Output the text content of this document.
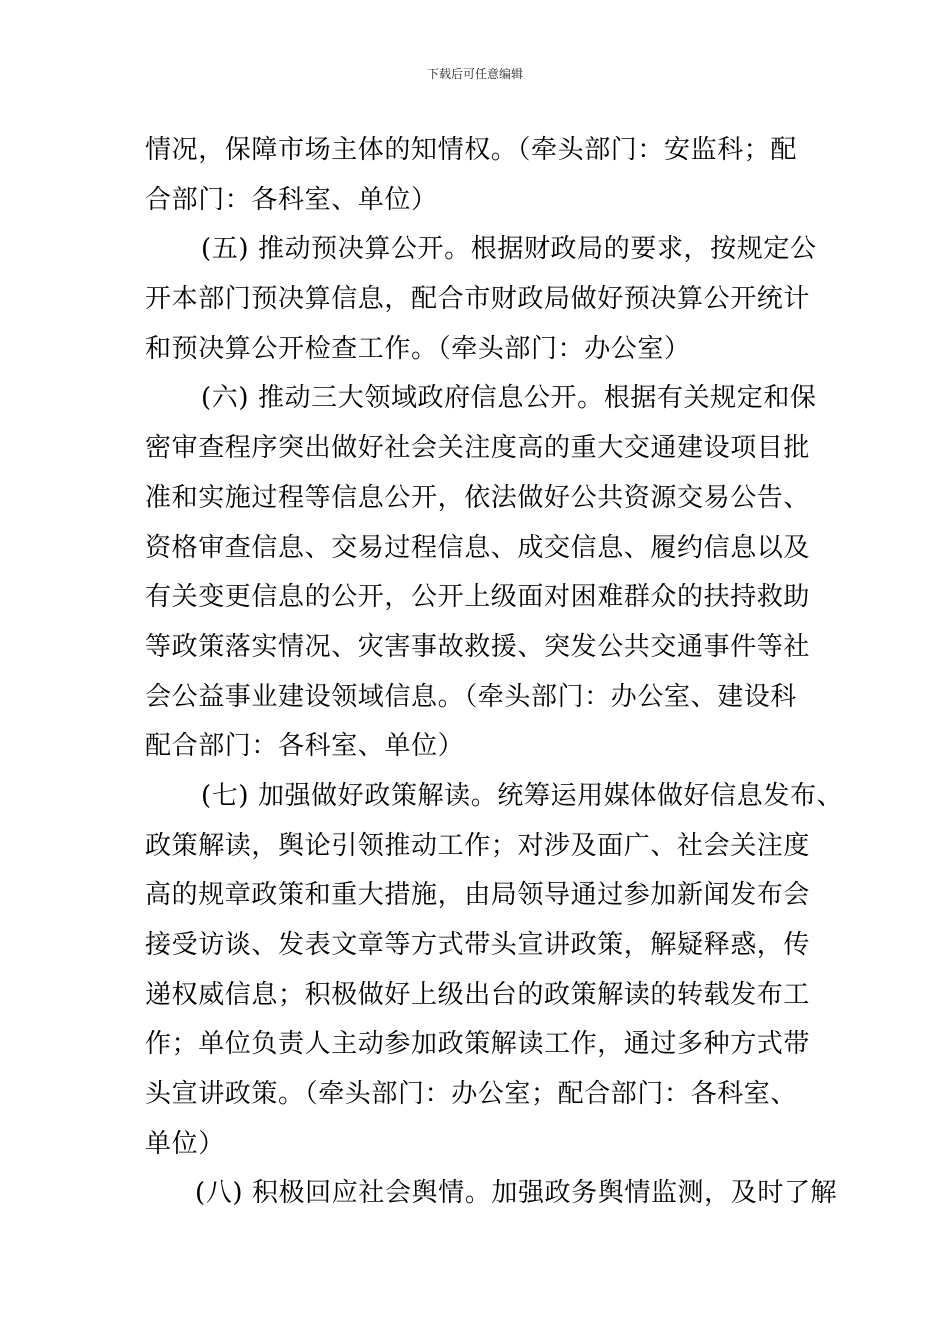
下载后可任意编辑
情况，保障市场主体的知情权。（牵头部门：安监科；配
合部门：各科室、单位）
(五) 推动预决算公开。根据财政局的要求，按规定公
开本部门预决算信息，配合市财政局做好预决算公开统计
和预决算公开检查工作。（牵头部门：办公室）
(六) 推动三大领域政府信息公开。根据有关规定和保
密审查程序突出做好社会关注度高的重大交通建设项目批
准和实施过程等信息公开，依法做好公共资源交易公告、
资格审查信息、交易过程信息、成交信息、履约信息以及
有关变更信息的公开，公开上级面对困难群众的扶持救助
等政策落实情况、灾害事故救援、突发公共交通事件等社
会公益事业建设领域信息。（牵头部门：办公室、建设科
配合部门：各科室、单位）
(七) 加强做好政策解读。统筹运用媒体做好信息发布、
政策解读，舆论引领推动工作；对涉及面广、社会关注度
高的规章政策和重大措施，由局领导通过参加新闻发布会
接受访谈、发表文章等方式带头宣讲政策，解疑释惑，传
递权威信息；积极做好上级出台的政策解读的转载发布工
作；单位负责人主动参加政策解读工作，通过多种方式带
头宣讲政策。（牵头部门：办公室；配合部门：各科室、
单位）
(八) 积极回应社会舆情。加强政务舆情监测，及时了解
